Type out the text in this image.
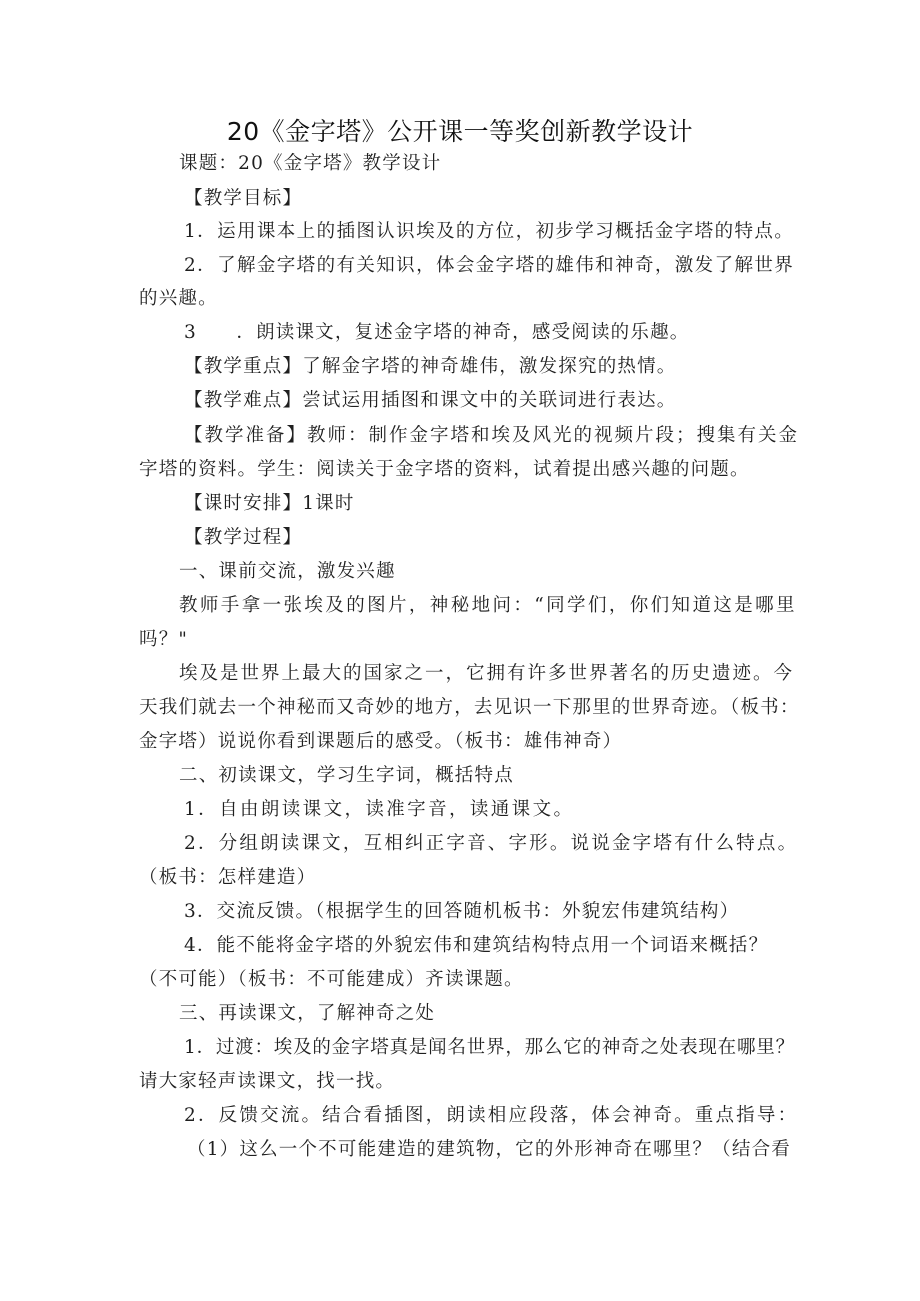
20《金字塔》公开课一等奖创新教学设计

课题：20《金字塔》教学设计

【教学目标】

1．运用课本上的插图认识埃及的方位，初步学习概括金字塔的特点。

2．了解金字塔的有关知识，体会金字塔的雄伟和神奇，激发了解世界

的兴趣。

3　　．朗读课文，复述金字塔的神奇，感受阅读的乐趣。

【教学重点】了解金字塔的神奇雄伟，激发探究的热情。

【教学难点】尝试运用插图和课文中的关联词进行表达。

【教学准备】教师：制作金字塔和埃及风光的视频片段；搜集有关金

字塔的资料。学生：阅读关于金字塔的资料，试着提出感兴趣的问题。

【课时安排】1课时

【教学过程】

一、课前交流，激发兴趣

教师手拿一张埃及的图片，神秘地问：“同学们，你们知道这是哪里

吗？"

埃及是世界上最大的国家之一，它拥有许多世界著名的历史遗迹。今

天我们就去一个神秘而又奇妙的地方，去见识一下那里的世界奇迹。（板书：

金字塔）说说你看到课题后的感受。（板书：雄伟神奇）

二、初读课文，学习生字词，概括特点

1．自由朗读课文，读准字音，读通课文。

2．分组朗读课文，互相纠正字音、字形。说说金字塔有什么特点。

（板书：怎样建造）

3．交流反馈。（根据学生的回答随机板书：外貌宏伟建筑结构）

4．能不能将金字塔的外貌宏伟和建筑结构特点用一个词语来概括？

（不可能）（板书：不可能建成）齐读课题。

三、再读课文，了解神奇之处

1．过渡：埃及的金字塔真是闻名世界，那么它的神奇之处表现在哪里？

请大家轻声读课文，找一找。

2．反馈交流。结合看插图，朗读相应段落，体会神奇。重点指导：

（1）这么一个不可能建造的建筑物，它的外形神奇在哪里？（结合看
